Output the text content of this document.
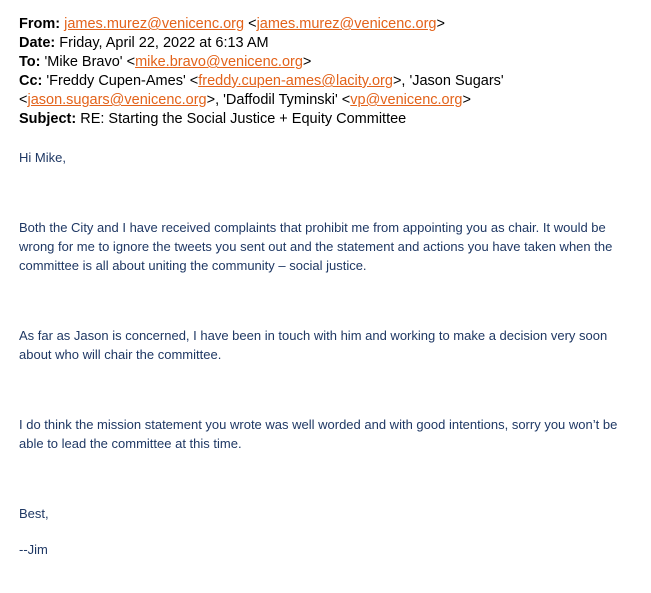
From: james.murez@venicenc.org <james.murez@venicenc.org>
Date: Friday, April 22, 2022 at 6:13 AM
To: 'Mike Bravo' <mike.bravo@venicenc.org>
Cc: 'Freddy Cupen-Ames' <freddy.cupen-ames@lacity.org>, 'Jason Sugars'
<jason.sugars@venicenc.org>, 'Daffodil Tyminski' <vp@venicenc.org>
Subject: RE: Starting the Social Justice + Equity Committee

Hi Mike,

Both the City and I have received complaints that prohibit me from appointing you as chair. It would be wrong for me to ignore the tweets you sent out and the statement and actions you have taken when the committee is all about uniting the community – social justice.

As far as Jason is concerned, I have been in touch with him and working to make a decision very soon about who will chair the committee.

I do think the mission statement you wrote was well worded and with good intentions, sorry you won’t be able to lead the committee at this time.

Best,

--Jim
